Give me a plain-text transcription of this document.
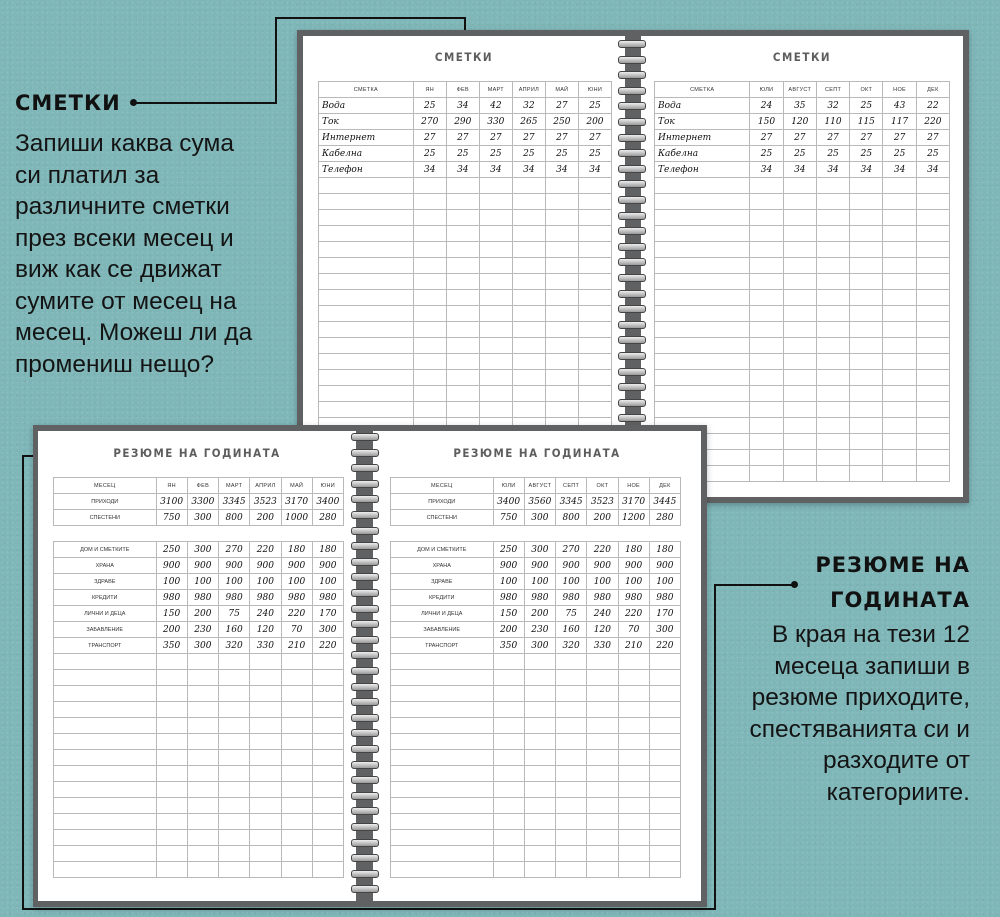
СМЕТКИ
Запиши каква сума
си платил за
различните сметки
през всеки месец и
виж как се движат
сумите от месец на
месец. Можеш ли да
промениш нещо?
РЕЗЮМЕ НА
ГОДИНАТА
В края на тези 12
месеца запиши в
резюме приходите,
спестяванията си и
разходите от
категориите.
СМЕТКИ
СМЕТКА	ЯН	ФЕВ	МАРТ	АПРИЛ	МАЙ	ЮНИ
Вода	25	34	42	32	27	25
Ток	270	290	330	265	250	200
Интернет	27	27	27	27	27	27
Кабелна	25	25	25	25	25	25
Телефон	34	34	34	34	34	34

СМЕТКИ
СМЕТКА	ЮЛИ	АВГУСТ	СЕПТ	ОКТ	НОЕ	ДЕК
Вода	24	35	32	25	43	22
Ток	150	120	110	115	117	220
Интернет	27	27	27	27	27	27
Кабелна	25	25	25	25	25	25
Телефон	34	34	34	34	34	34

РЕЗЮМЕ НА ГОДИНАТА
МЕСЕЦ	ЯН	ФЕВ	МАРТ	АПРИЛ	МАЙ	ЮНИ
ПРИХОДИ	3100	3300	3345	3523	3170	3400
СПЕСТЕНИ	750	300	800	200	1000	280
ДОМ И СМЕТКИТЕ	250	300	270	220	180	180
ХРАНА	900	900	900	900	900	900
ЗДРАВЕ	100	100	100	100	100	100
КРЕДИТИ	980	980	980	980	980	980
ЛИЧНИ И ДЕЦА	150	200	75	240	220	170
ЗАБАВЛЕНИЕ	200	230	160	120	70	300
ТРАНСПОРТ	350	300	320	330	210	220

РЕЗЮМЕ НА ГОДИНАТА
МЕСЕЦ	ЮЛИ	АВГУСТ	СЕПТ	ОКТ	НОЕ	ДЕК
ПРИХОДИ	3400	3560	3345	3523	3170	3445
СПЕСТЕНИ	750	300	800	200	1200	280
ДОМ И СМЕТКИТЕ	250	300	270	220	180	180
ХРАНА	900	900	900	900	900	900
ЗДРАВЕ	100	100	100	100	100	100
КРЕДИТИ	980	980	980	980	980	980
ЛИЧНИ И ДЕЦА	150	200	75	240	220	170
ЗАБАВЛЕНИЕ	200	230	160	120	70	300
ТРАНСПОРТ	350	300	320	330	210	220
